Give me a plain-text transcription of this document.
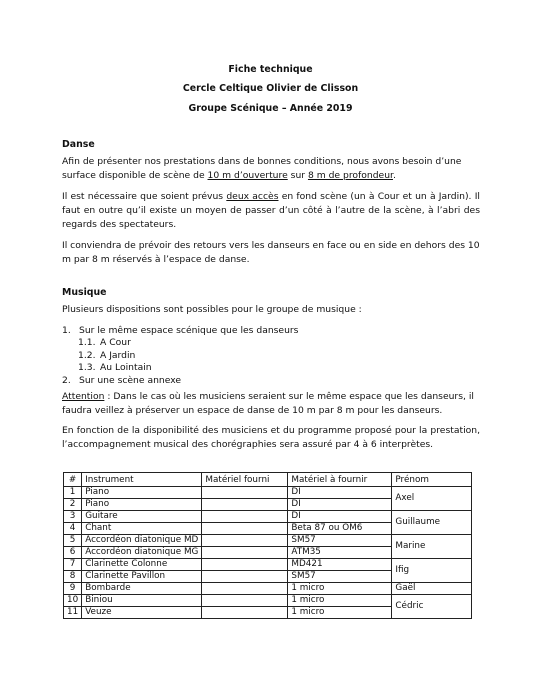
Fiche technique
Cercle Celtique Olivier de Clisson
Groupe Scénique – Année 2019
Danse
Afin de présenter nos prestations dans de bonnes conditions, nous avons besoin d’une surface disponible de scène de 10 m d’ouverture sur 8 m de profondeur.
Il est nécessaire que soient prévus deux accès en fond scène (un à Cour et un à Jardin). Il faut en outre qu’il existe un moyen de passer d’un côté à l’autre de la scène, à l’abri des regards des spectateurs.
Il conviendra de prévoir des retours vers les danseurs en face ou en side en dehors des 10 m par 8 m réservés à l’espace de danse.
Musique
Plusieurs dispositions sont possibles pour le groupe de musique :
1. Sur le même espace scénique que les danseurs
1.1. A Cour
1.2. A Jardin
1.3. Au Lointain
2. Sur une scène annexe
Attention : Dans le cas où les musiciens seraient sur le même espace que les danseurs, il faudra veillez à préserver un espace de danse de 10 m par 8 m pour les danseurs.
En fonction de la disponibilité des musiciens et du programme proposé pour la prestation, l’accompagnement musical des chorégraphies sera assuré par 4 à 6 interprètes.
#	Instrument	Matériel fourni	Matériel à fournir	Prénom
1	Piano		DI	Axel
2	Piano		DI	
3	Guitare		DI	Guillaume
4	Chant		Beta 87 ou OM6	
5	Accordéon diatonique MD		SM57	Marine
6	Accordéon diatonique MG		ATM35	
7	Clarinette Colonne		MD421	Ifig
8	Clarinette Pavillon		SM57	
9	Bombarde		1 micro	Gaël
10	Biniou		1 micro	Cédric
11	Veuze		1 micro	
